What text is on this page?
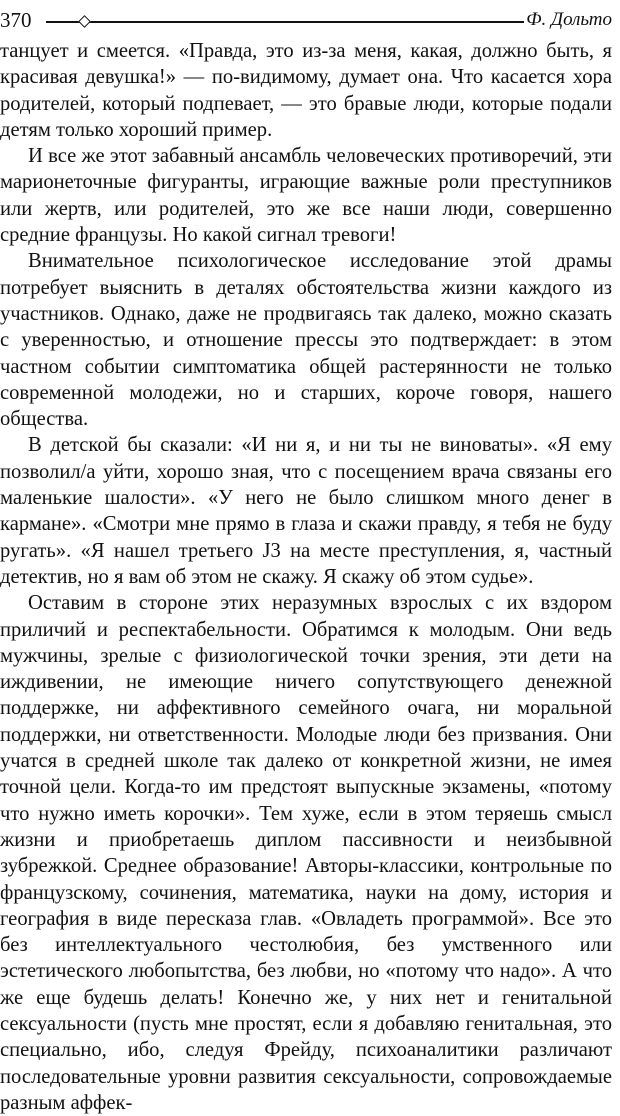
370	Ф. Дольто

танцует и смеется. «Правда, это из-за меня, какая, должно быть, я красивая девушка!» — по-видимому, думает она. Что касается хора родителей, который подпевает, — это бравые люди, которые подали детям только хороший пример.

И все же этот забавный ансамбль человеческих противоречий, эти марионеточные фигуранты, играющие важные роли преступников или жертв, или родителей, это же все наши люди, совершенно средние французы. Но какой сигнал тревоги!

Внимательное психологическое исследование этой драмы потребует выяснить в деталях обстоятельства жизни каждого из участников. Однако, даже не продвигаясь так далеко, можно сказать с уверенностью, и отношение прессы это подтверждает: в этом частном событии симптоматика общей растерянности не только современной молодежи, но и старших, короче говоря, нашего общества.

В детской бы сказали: «И ни я, и ни ты не виноваты». «Я ему позволил/а уйти, хорошо зная, что с посещением врача связаны его маленькие шалости». «У него не было слишком много денег в кармане». «Смотри мне прямо в глаза и скажи правду, я тебя не буду ругать». «Я нашел третьего J3 на месте преступления, я, частный детектив, но я вам об этом не скажу. Я скажу об этом судье».

Оставим в стороне этих неразумных взрослых с их вздором приличий и респектабельности. Обратимся к молодым. Они ведь мужчины, зрелые с физиологической точки зрения, эти дети на иждивении, не имеющие ничего сопутствующего денежной поддержке, ни аффективного семейного очага, ни моральной поддержки, ни ответственности. Молодые люди без призвания. Они учатся в средней школе так далеко от конкретной жизни, не имея точной цели. Когда-то им предстоят выпускные экзамены, «потому что нужно иметь корочки». Тем хуже, если в этом теряешь смысл жизни и приобретаешь диплом пассивности и неизбывной зубрежкой. Среднее образование! Авторы-классики, контрольные по французскому, сочинения, математика, науки на дому, история и география в виде пересказа глав. «Овладеть программой». Все это без интеллектуального честолюбия, без умственного или эстетического любопытства, без любви, но «потому что надо». А что же еще будешь делать! Конечно же, у них нет и генитальной сексуальности (пусть мне простят, если я добавляю генитальная, это специально, ибо, следуя Фрейду, психоаналитики различают последовательные уровни развития сексуальности, сопровождаемые разным аффек-
